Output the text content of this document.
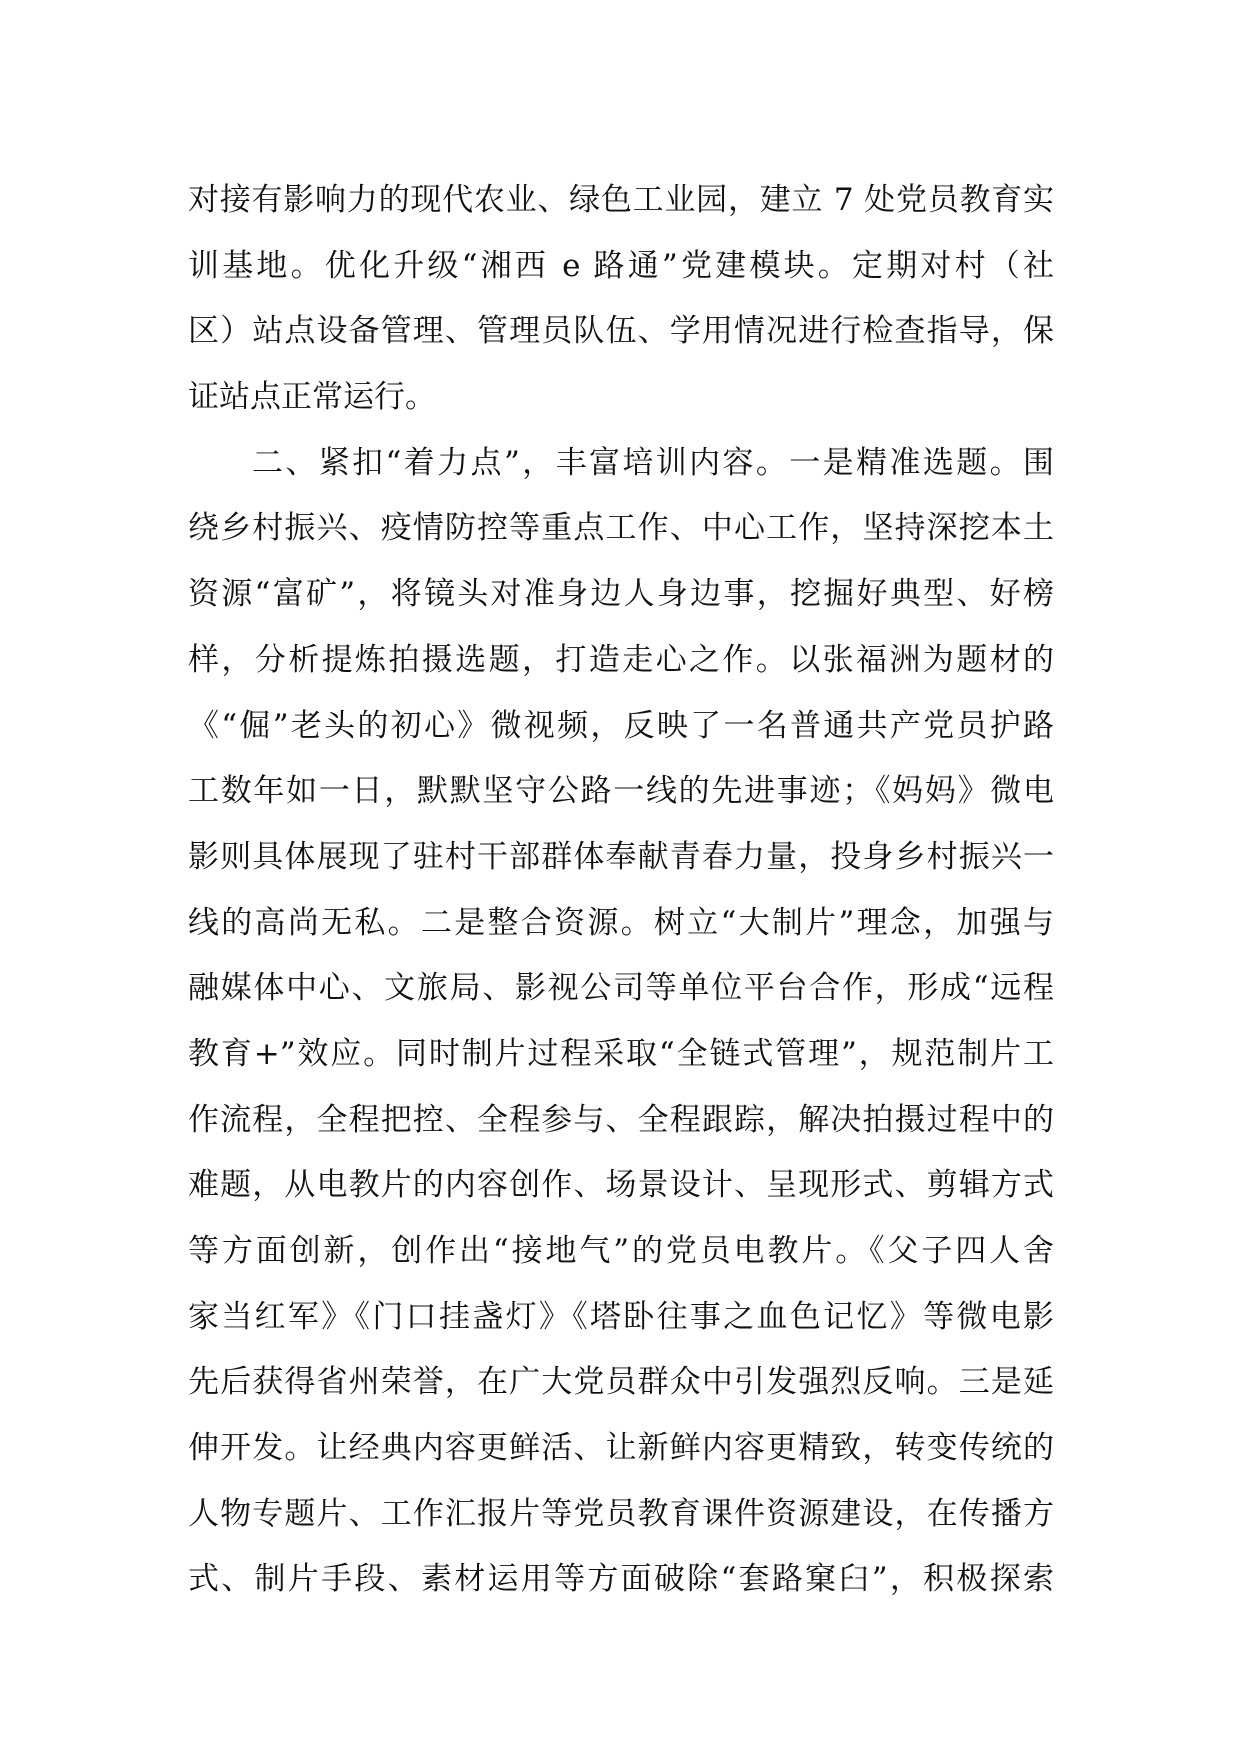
对接有影响力的现代农业、绿色工业园，建立 7 处党员教育实
训基地。优化升级“湘西 e 路通”党建模块。定期对村（社
区）站点设备管理、管理员队伍、学用情况进行检查指导，保
证站点正常运行。
二、紧扣“着力点”，丰富培训内容。一是精准选题。围
绕乡村振兴、疫情防控等重点工作、中心工作，坚持深挖本土
资源“富矿”，将镜头对准身边人身边事，挖掘好典型、好榜
样，分析提炼拍摄选题，打造走心之作。以张福洲为题材的
《“倔”老头的初心》微视频，反映了一名普通共产党员护路
工数年如一日，默默坚守公路一线的先进事迹；《妈妈》微电
影则具体展现了驻村干部群体奉献青春力量，投身乡村振兴一
线的高尚无私。二是整合资源。树立“大制片”理念，加强与
融媒体中心、文旅局、影视公司等单位平台合作，形成“远程
教育+”效应。同时制片过程采取“全链式管理”，规范制片工
作流程，全程把控、全程参与、全程跟踪，解决拍摄过程中的
难题，从电教片的内容创作、场景设计、呈现形式、剪辑方式
等方面创新，创作出“接地气”的党员电教片。《父子四人舍
家当红军》《门口挂盏灯》《塔卧往事之血色记忆》等微电影
先后获得省州荣誉，在广大党员群众中引发强烈反响。三是延
伸开发。让经典内容更鲜活、让新鲜内容更精致，转变传统的
人物专题片、工作汇报片等党员教育课件资源建设，在传播方
式、制片手段、素材运用等方面破除“套路窠臼”，积极探索
